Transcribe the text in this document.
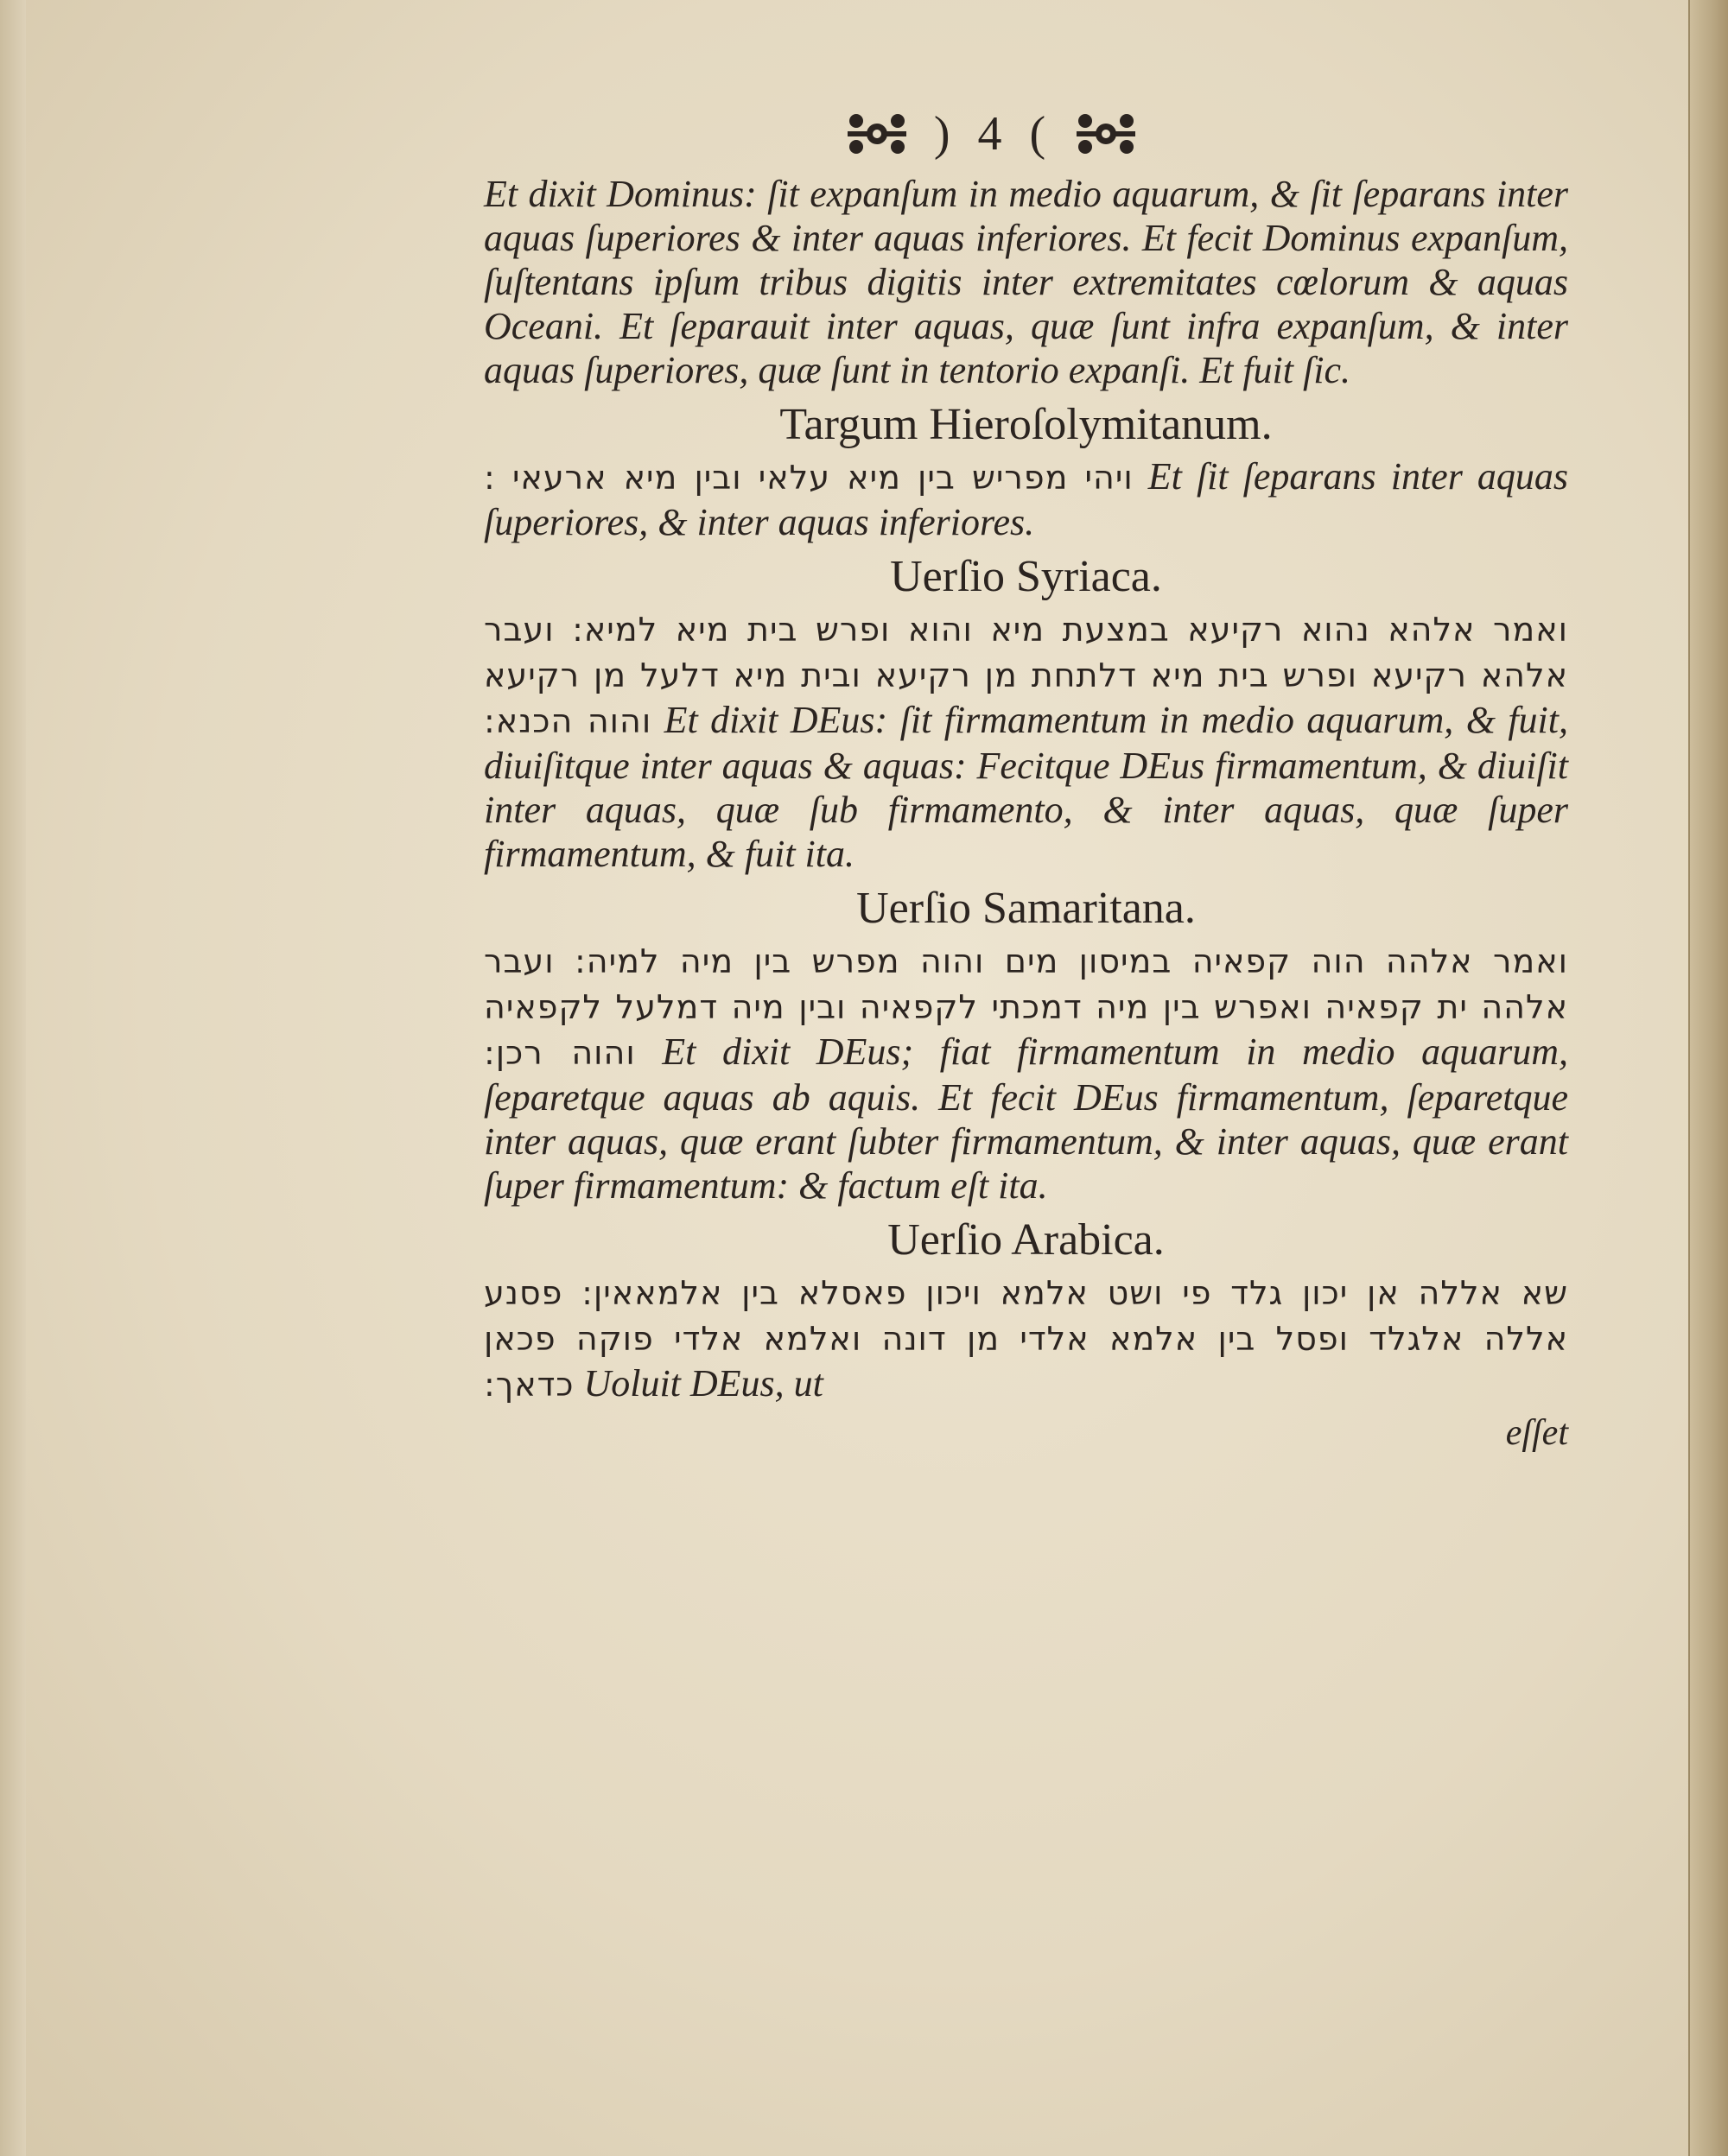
) 4 (

Et dixit Dominus: ſit expanſum in medio aquarum, & ſit ſeparans inter aquas ſuperiores & inter aquas inferiores. Et fecit Dominus expanſum, ſuſtentans ipſum tribus digitis inter extremitates cœlorum & aquas Oceani. Et ſeparauit inter aquas, quæ ſunt infra expanſum, & inter aquas ſuperiores, quæ ſunt in tentorio expanſi. Et fuit ſic.

Targum Hieroſolymitanum.

ויהי מפריש בין מיא עלאי ובין מיא ארעאי : Et ſit ſeparans inter aquas ſuperiores, & inter aquas inferiores.

Uerſio Syriaca.

ואמר אלהא נהוא רקיעא במצעת מיא והוא ופרש בית מיא למיא: ועבר אלהא רקיעא ופרש בית מיא דלתחת מן רקיעא ובית מיא דלעל מן רקיעא והוה הכנא: Et dixit DEus: ſit firmamentum in medio aquarum, & fuit, diuiſitque inter aquas & aquas: Fecitque DEus firmamentum, & diuiſit inter aquas, quæ ſub firmamento, & inter aquas, quæ ſuper firmamentum, & fuit ita.

Uerſio Samaritana.

ואמר אלהה הוה קפאיה במיסון מים והוה מפרש בין מיה למיה: ועבר אלהה ית קפאיה ואפרש בין מיה דמכתי לקפאיה ובין מיה דמלעל לקפאיה והוה רכן: Et dixit DEus; fiat firmamentum in medio aquarum, ſeparetque aquas ab aquis. Et fecit DEus firmamentum, ſeparetque inter aquas, quæ erant ſubter firmamentum, & inter aquas, quæ erant ſuper firmamentum: & factum eſt ita.

Uerſio Arabica.

שא אללה אן יכון גלד פי ושט אלמא ויכון פאסלא בין אלמאאין: פסנע אללה אלגלד ופסל בין אלמא אלדי מן דונה ואלמא אלדי פוקה פכאן כדאך: Uoluit DEus, ut

eſſet
